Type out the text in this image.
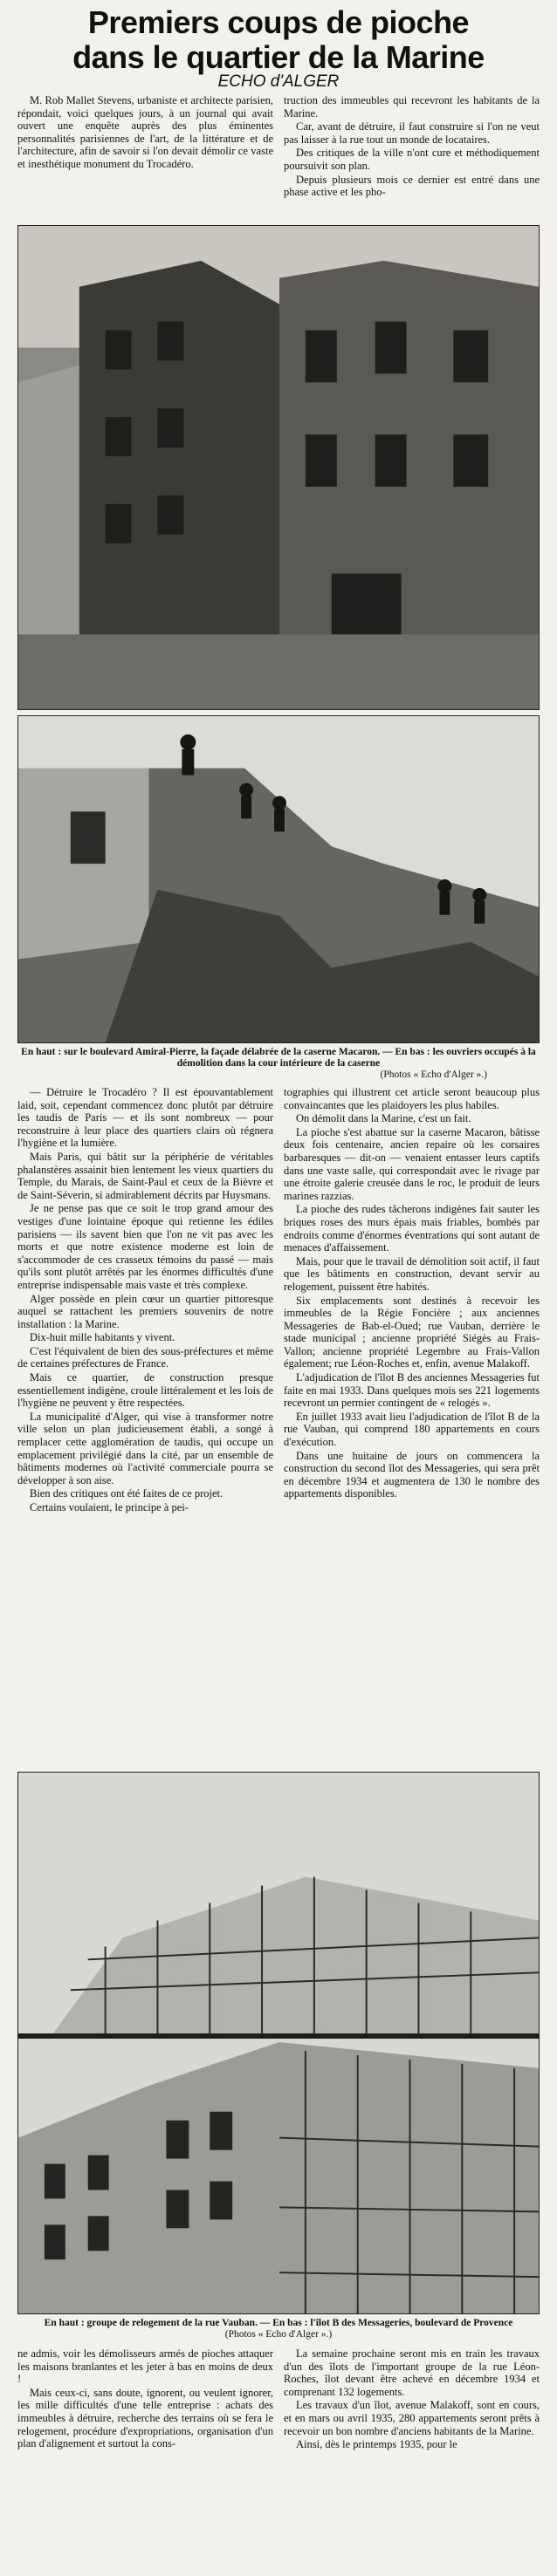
Premiers coups de pioche
dans le quartier de la Marine
ECHO d'ALGER

M. Rob Mallet Stevens, urbaniste et architecte parisien, répondait, voici quelques jours, à un journal qui avait ouvert une enquête auprès des plus éminentes personnalités parisiennes de l'art, de la littérature et de l'architecture, afin de savoir si l'on devait démolir ce vaste et inesthétique monument du Trocadéro.

truction des immeubles qui recevront les habitants de la Marine.

Car, avant de détruire, il faut construire si l'on ne veut pas laisser à la rue tout un monde de locataires.

Des critiques de la ville n'ont cure et méthodiquement poursuivit son plan.

Depuis plusieurs mois ce dernier est entré dans une phase active et les pho-

En haut : sur le boulevard Amiral-Pierre, la façade délabrée de la caserne Macaron. — En bas : les ouvriers occupés à la démolition dans la cour intérieure de la caserne
(Photos « Echo d'Alger ».)

— Détruire le Trocadéro ? Il est épouvantablement laid, soit, cependant commencez donc plutôt par détruire les taudis de Paris — et ils sont nombreux — pour reconstruire à leur place des quartiers clairs où régnera l'hygiène et la lumière.

Mais Paris, qui bâtit sur la périphérie de véritables phalanstères assainit bien lentement les vieux quartiers du Temple, du Marais, de Saint-Paul et ceux de la Bièvre et de Saint-Séverin, si admirablement décrits par Huysmans.

Je ne pense pas que ce soit le trop grand amour des vestiges d'une lointaine époque qui retienne les édiles parisiens — ils savent bien que l'on ne vit pas avec les morts et que notre existence moderne est loin de s'accommoder de ces crasseux témoins du passé — mais qu'ils sont plutôt arrêtés par les énormes difficultés d'une entreprise indispensable mais vaste et très complexe.

Alger possède en plein cœur un quartier pittoresque auquel se rattachent les premiers souvenirs de notre installation : la Marine.

Dix-huit mille habitants y vivent.

C'est l'équivalent de bien des sous-préfectures et même de certaines préfectures de France.

Mais ce quartier, de construction presque essentiellement indigène, croule littéralement et les lois de l'hygiène ne peuvent y être respectées.

La municipalité d'Alger, qui vise à transformer notre ville selon un plan judicieusement établi, a songé à remplacer cette agglomération de taudis, qui occupe un emplacement privilégié dans la cité, par un ensemble de bâtiments modernes où l'activité commerciale pourra se développer à son aise.

Bien des critiques ont été faites de ce projet.

Certains voulaient, le principe à pei-

tographies qui illustrent cet article seront beaucoup plus convaincantes que les plaidoyers les plus habiles.

On démolit dans la Marine, c'est un fait.

La pioche s'est abattue sur la caserne Macaron, bâtisse deux fois centenaire, ancien repaire où les corsaires barbaresques — dit-on — venaient entasser leurs captifs dans une vaste salle, qui correspondait avec le rivage par une étroite galerie creusée dans le roc, le produit de leurs marines razzias.

La pioche des rudes tâcherons indigènes fait sauter les briques roses des murs épais mais friables, bombés par endroits comme d'énormes éventrations qui sont autant de menaces d'affaissement.

Mais, pour que le travail de démolition soit actif, il faut que les bâtiments en construction, devant servir au relogement, puissent être habités.

Six emplacements sont destinés à recevoir les immeubles de la Régie Foncière ; aux anciennes Messageries de Bab-el-Oued; rue Vauban, derrière le stade municipal ; ancienne propriété Siégès au Frais-Vallon; ancienne propriété Legembre au Frais-Vallon également; rue Léon-Roches et, enfin, avenue Malakoff.

L'adjudication de l'îlot B des anciennes Messageries fut faite en mai 1933. Dans quelques mois ses 221 logements recevront un permier contingent de « relogés ».

En juillet 1933 avait lieu l'adjudication de l'îlot B de la rue Vauban, qui comprend 180 appartements en cours d'exécution.

Dans une huitaine de jours on commencera la construction du second îlot des Messageries, qui sera prêt en décembre 1934 et augmentera de 130 le nombre des appartements disponibles.

En haut : groupe de relogement de la rue Vauban. — En bas : l'îlot B des Messageries, boulevard de Provence
(Photos « Echo d'Alger ».)

ne admis, voir les démolisseurs armés de pioches attaquer les maisons branlantes et les jeter à bas en moins de deux !

Mais ceux-ci, sans doute, ignorent, ou veulent ignorer, les mille difficultés d'une telle entreprise : achats des immeubles à détruire, recherche des terrains où se fera le relogement, procédure d'expropriations, organisation d'un plan d'alignement et surtout la cons-

La semaine prochaine seront mis en train les travaux d'un des îlots de l'important groupe de la rue Léon-Roches, îlot devant être achevé en décembre 1934 et comprenant 132 logements.

Les travaux d'un îlot, avenue Malakoff, sont en cours, et en mars ou avril 1935, 280 appartements seront prêts à recevoir un bon nombre d'anciens habitants de la Marine.

Ainsi, dès le printemps 1935, pour le
